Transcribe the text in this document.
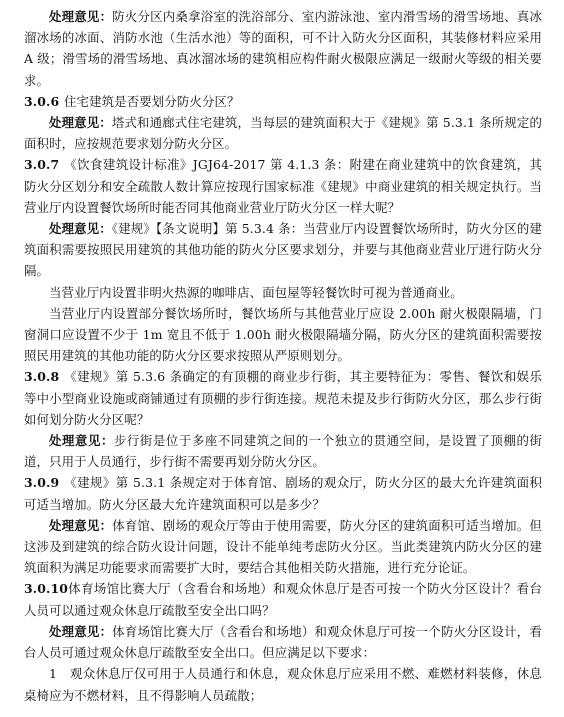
处理意见：防火分区内桑拿浴室的洗浴部分、室内游泳池、室内滑雪场的滑雪场地、真冰溜冰场的冰面、消防水池（生活水池）等的面积，可不计入防火分区面积，其装修材料应采用 A 级；滑雪场的滑雪场地、真冰溜冰场的建筑相应构件耐火极限应满足一级耐火等级的相关要求。

3.0.6 住宅建筑是否要划分防火分区？

处理意见：塔式和通廊式住宅建筑，当每层的建筑面积大于《建规》第 5.3.1 条所规定的面积时，应按规范要求划分防火分区。

3.0.7 《饮食建筑设计标准》JGJ64-2017 第 4.1.3 条：附建在商业建筑中的饮食建筑，其防火分区划分和安全疏散人数计算应按现行国家标准《建规》中商业建筑的相关规定执行。当营业厅内设置餐饮场所时能否同其他商业营业厅防火分区一样大呢？

处理意见：《建规》【条文说明】第 5.3.4 条：当营业厅内设置餐饮场所时，防火分区的建筑面积需要按照民用建筑的其他功能的防火分区要求划分，并要与其他商业营业厅进行防火分隔。

当营业厅内设置非明火热源的咖啡店、面包屋等轻餐饮时可视为普通商业。

当营业厅内设置部分餐饮场所时，餐饮场所与其他营业厅应设 2.00h 耐火极限隔墙，门窗洞口应设置不少于 1m 宽且不低于 1.00h 耐火极限隔墙分隔，防火分区的建筑面积需要按照民用建筑的其他功能的防火分区要求按照从严原则划分。

3.0.8 《建规》第 5.3.6 条确定的有顶棚的商业步行街，其主要特征为：零售、餐饮和娱乐等中小型商业设施或商铺通过有顶棚的步行街连接。规范未提及步行街防火分区，那么步行街如何划分防火分区呢？

处理意见：步行街是位于多座不同建筑之间的一个独立的贯通空间，是设置了顶棚的街道，只用于人员通行，步行街不需要再划分防火分区。

3.0.9 《建规》第 5.3.1 条规定对于体育馆、剧场的观众厅，防火分区的最大允许建筑面积可适当增加。防火分区最大允许建筑面积可以是多少？

处理意见：体育馆、剧场的观众厅等由于使用需要，防火分区的建筑面积可适当增加。但这涉及到建筑的综合防火设计问题，设计不能单纯考虑防火分区。当此类建筑内防火分区的建筑面积为满足功能要求而需要扩大时，要结合其他相关防火措施，进行充分论证。

3.0.10体育场馆比赛大厅（含看台和场地）和观众休息厅是否可按一个防火分区设计？看台人员可以通过观众休息厅疏散至安全出口吗？

处理意见：体育场馆比赛大厅（含看台和场地）和观众休息厅可按一个防火分区设计，看台人员可通过观众休息厅疏散至安全出口。但应满足以下要求：

1　观众休息厅仅可用于人员通行和休息，观众休息厅应采用不燃、难燃材料装修，休息桌椅应为不燃材料，且不得影响人员疏散；
